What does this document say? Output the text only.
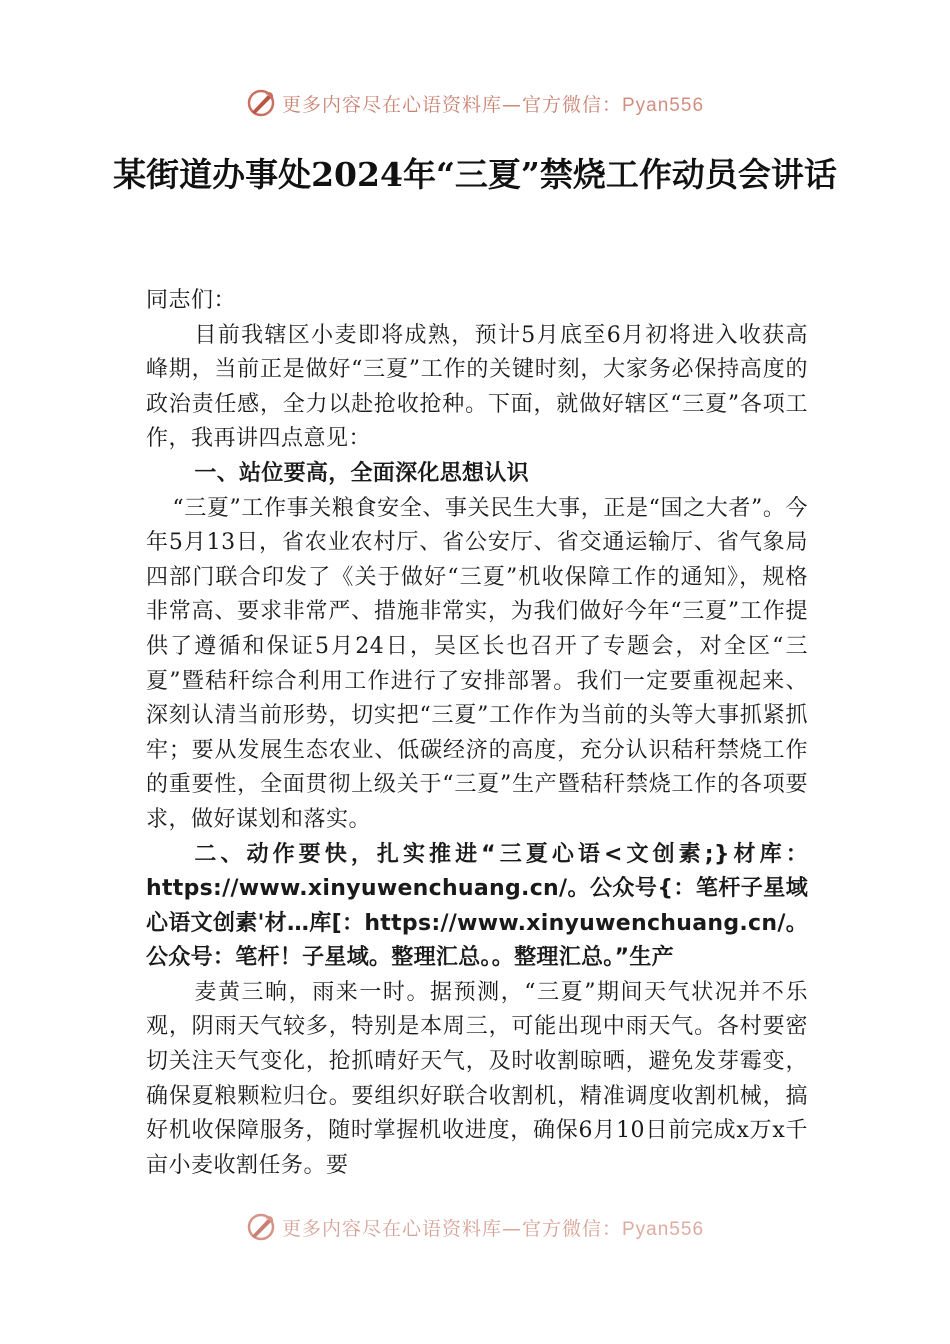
更多内容尽在心语资料库—官方微信：Pyan556
某街道办事处2024年“三夏”禁烧工作动员会讲话

同志们：

目前我辖区小麦即将成熟，预计5月底至6月初将进入收获高峰期，当前正是做好“三夏”工作的关键时刻，大家务必保持高度的政治责任感，全力以赴抢收抢种。下面，就做好辖区“三夏”各项工作，我再讲四点意见：

一、站位要高，全面深化思想认识

“三夏”工作事关粮食安全、事关民生大事，正是“国之大者”。今年5月13日，省农业农村厅、省公安厅、省交通运输厅、省气象局四部门联合印发了《关于做好“三夏”机收保障工作的通知》，规格非常高、要求非常严、措施非常实，为我们做好今年“三夏”工作提供了遵循和保证5月24日，吴区长也召开了专题会，对全区“三夏”暨秸秆综合利用工作进行了安排部署。我们一定要重视起来、深刻认清当前形势，切实把“三夏”工作作为当前的头等大事抓紧抓牢；要从发展生态农业、低碳经济的高度，充分认识秸秆禁烧工作的重要性，全面贯彻上级关于“三夏”生产暨秸秆禁烧工作的各项要求，做好谋划和落实。

二、动作要快，扎实推进“三夏心语<文创素;}材库：https://www.xinyuwenchuang.cn/。公众号{：笔杆子星域心语文创素'材…库[：https://www.xinyuwenchuang.cn/。公众号：笔杆！子星域。整理汇总。。整理汇总。”生产

麦黄三晌，雨来一时。据预测，“三夏”期间天气状况并不乐观，阴雨天气较多，特别是本周三，可能出现中雨天气。各村要密切关注天气变化，抢抓晴好天气，及时收割晾晒，避免发芽霉变，确保夏粮颗粒归仓。要组织好联合收割机，精准调度收割机械，搞好机收保障服务，随时掌握机收进度，确保6月10日前完成x万x千亩小麦收割任务。要

更多内容尽在心语资料库—官方微信：Pyan556
